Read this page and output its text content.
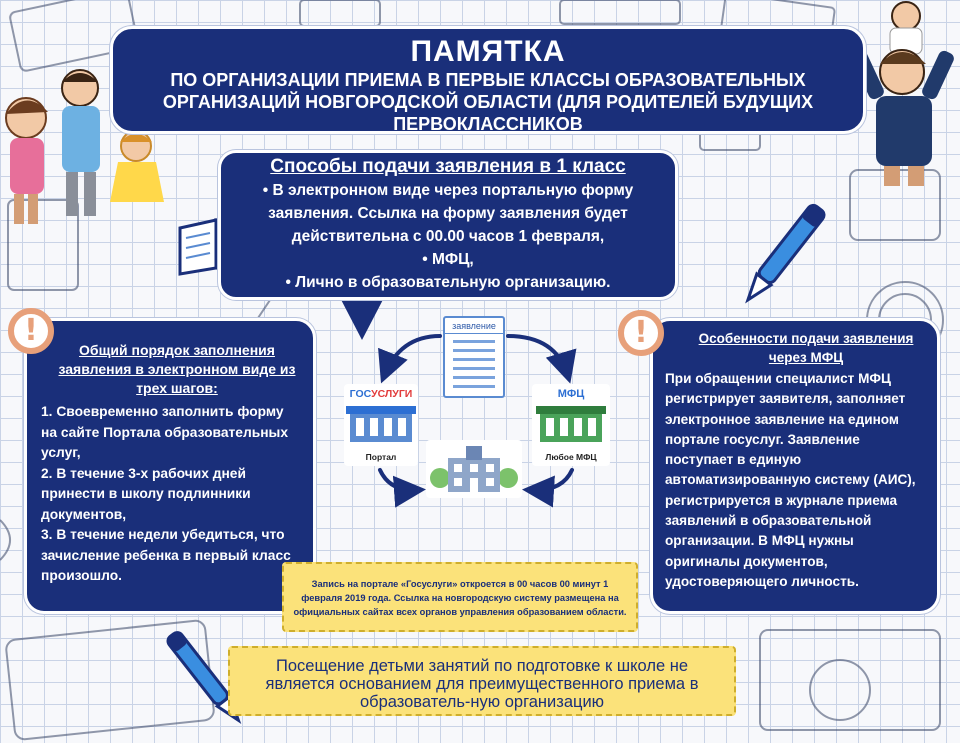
ПАМЯТКА
ПО ОРГАНИЗАЦИИ ПРИЕМА В ПЕРВЫЕ КЛАССЫ ОБРАЗОВАТЕЛЬНЫХ ОРГАНИЗАЦИЙ НОВГОРОДСКОЙ ОБЛАСТИ (ДЛЯ РОДИТЕЛЕЙ БУДУЩИХ ПЕРВОКЛАССНИКОВ
Способы подачи заявления в 1 класс

• В электронном виде через портальную форму заявления. Ссылка на форму заявления будет действительна с 00.00 часов 1 февраля,

• МФЦ,

• Лично в образовательную организацию.

Общий порядок заполнения заявления в электронном виде из трех шагов:

1. Своевременно заполнить форму на сайте Портала образовательных услуг,

2. В течение 3-х рабочих дней принести в школу подлинники документов,

3. В течение недели убедиться, что зачисление ребенка в первый класс произошло.

!	Особенности подачи заявления через МФЦ

При обращении специалист МФЦ регистрирует заявителя, заполняет электронное заявление на едином портале госуслуг. Заявление поступает в единую автоматизированную систему (АИС), регистрируется в журнале приема заявлений в образовательной организации. В МФЦ нужны оригиналы документов, удостоверяющего личность.

!
заявление
ГОСУСЛУГИ
Портал
МФЦ
Любое МФЦ
Запись на портале «Госуслуги» откроется в 00 часов 00 минут 1 февраля 2019 года. Ссылка на новгородскую систему размещена на официальных сайтах всех органов управления образованием области.
Посещение детьми занятий по подготовке к школе не является основанием для преимущественного приема в образователь-ную организацию
